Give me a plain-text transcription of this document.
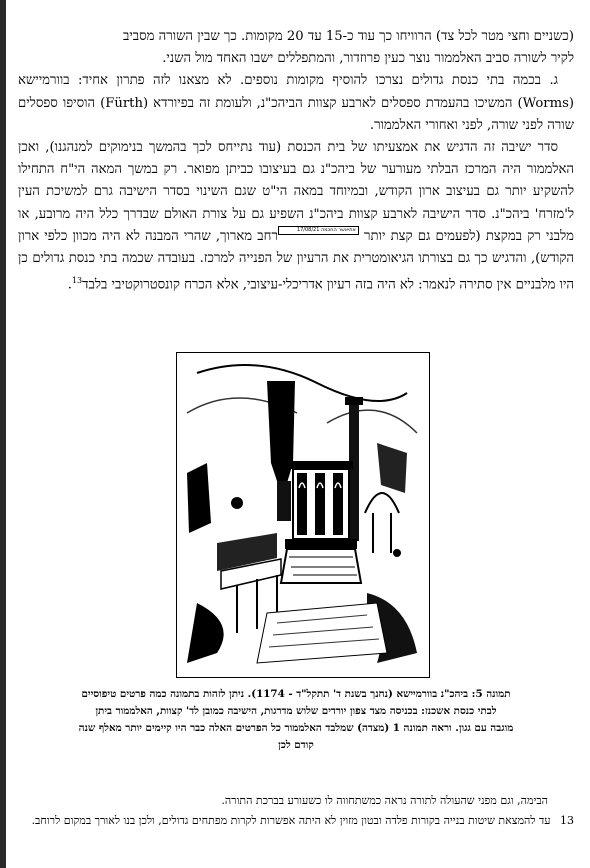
(כשניים וחצי מטר לכל צד) הרוויחו כך עוד כ-15 עד 20 מקומות. כך שבין השורה מסביב

לקיר לשורה סביב האלממור נוצר כעין פרוזדור, והמתפללים ישבו האחד מול השני.

ג. בכמה בתי כנסת גדולים נצרכו להוסיף מקומות נוספים. לא מצאנו לזה פתרון אחיד: בוורמיישא (Worms) המשיכו בהעמדת ספסלים לארבע קצוות הביהכ"נ, ולעומת זה בפיורדא (Fürth) הוסיפו ספסלים שורה לפני שורה, לפני ואחורי האלממור.

סדר ישיבה זה הדגיש את אמצעיתו של בית הכנסת (עוד נתייחס לכך בהמשך בנימוקים למנהגנו), ואכן האלממור היה המרכז הבלתי מעורער של ביהכ"נ גם בעיצובו כביתן מפואר. רק במשך המאה הי"ח התחילו להשקיע יותר גם בעיצוב ארון הקודש, ובמיוחד במאה הי"ט שגם השינוי בסדר הישיבה גרם למשיכת העין ל'מזרח' ביהכ"נ. סדר הישיבה לארבע קצוות ביהכ"נ השפיע גם על צורת האולם שבדרך כלל היה מרובע, או מלבני רק במקצת (לפעמים גם קצת יותר 17/08/21 אתיאשר החכמהרחב מארוך, שהרי המבנה לא היה מכוון כלפי ארון הקודש), והדגיש כך גם בצורתו הגיאומטרית את הרעיון של הפנייה למרכז. בעובדה שכמה בתי כנסת גדולים כן היו מלבניים אין סתירה לנאמר: לא היה בזה רעיון אדריכלי-עיצובי, אלא הכרח קונסטרוקטיבי בלבד$^{13}$.

תמונה 5: ביהכ"נ בוורמיישא (נחנך בשנת ד' תתקל"ד - 1174). ניתן לזהות בתמונה כמה פרטים טיפוסיים
לבתי כנסת אשכנז: בכניסה מצד צפון יורדים שלוש מדרגות, הישיבה כמובן לד' קצוות, האלממור ביתן
מוגבה עם גגון. וראה תמונה 1 (מצדה) שמלבד האלממור כל הפרטים האלה כבר היו קיימים יותר מאלף שנה
קודם לכן
הבימה, וגם מפני שהעולה לתורה נראה כמשתחווה לו כשעורע בברכת התורה.
13 עד להמצאת שיטות בנייה בקורות פלדה ובטון מזוין לא היתה אפשרות לקרות מפתחים גדולים, ולכן בנו לאורך במקום לרוחב.
